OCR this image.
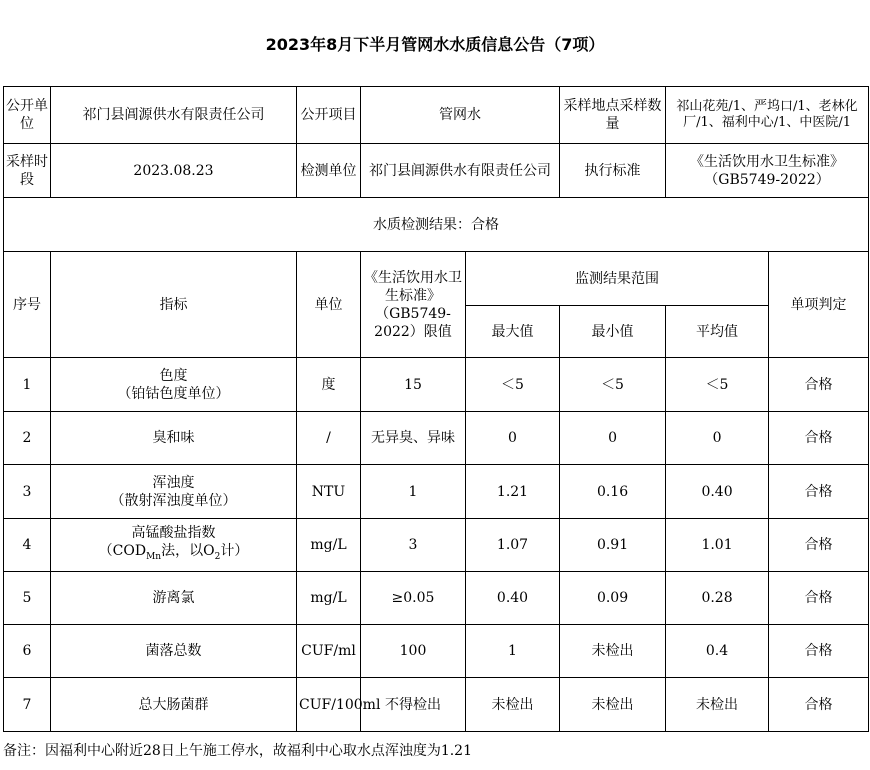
2023年8月下半月管网水水质信息公告（7项）
公开单位	祁门县阊源供水有限责任公司	公开项目	管网水		采样地点采样数量	祁山花苑/1、严坞口/1、老林化厂/1、福利中心/1、中医院/1	
采样时段	2023.08.23	检测单位	祁门县阊源供水有限责任公司		执行标准	《生活饮用水卫生标准》
（GB5749-2022）	

水质检测结果：合格							
序号	指标	单位	《生活饮用水卫生标准》
（GB5749-2022）限值	监测结果范围			单项判定
				最大值	最小值	平均值	
1	色度
（铂钴色度单位）	度	15	＜5	＜5	＜5	合格
2	臭和味	/	无异臭、异味	0	0	0	合格
3	浑浊度
（散射浑浊度单位）	NTU	1	1.21	0.16	0.40	合格
4	高锰酸盐指数
（$COD_{Mn}$法，以$O_2$计）	mg/L	3	1.07	0.91	1.01	合格
5	游离氯	mg/L	≥0.05	0.40	0.09	0.28	合格
6	菌落总数	CUF/ml	100	1	未检出	0.4	合格
7	总大肠菌群	CUF/100ml	不得检出	未检出	未检出	未检出	合格
备注：因福利中心附近28日上午施工停水，故福利中心取水点浑浊度为1.21
